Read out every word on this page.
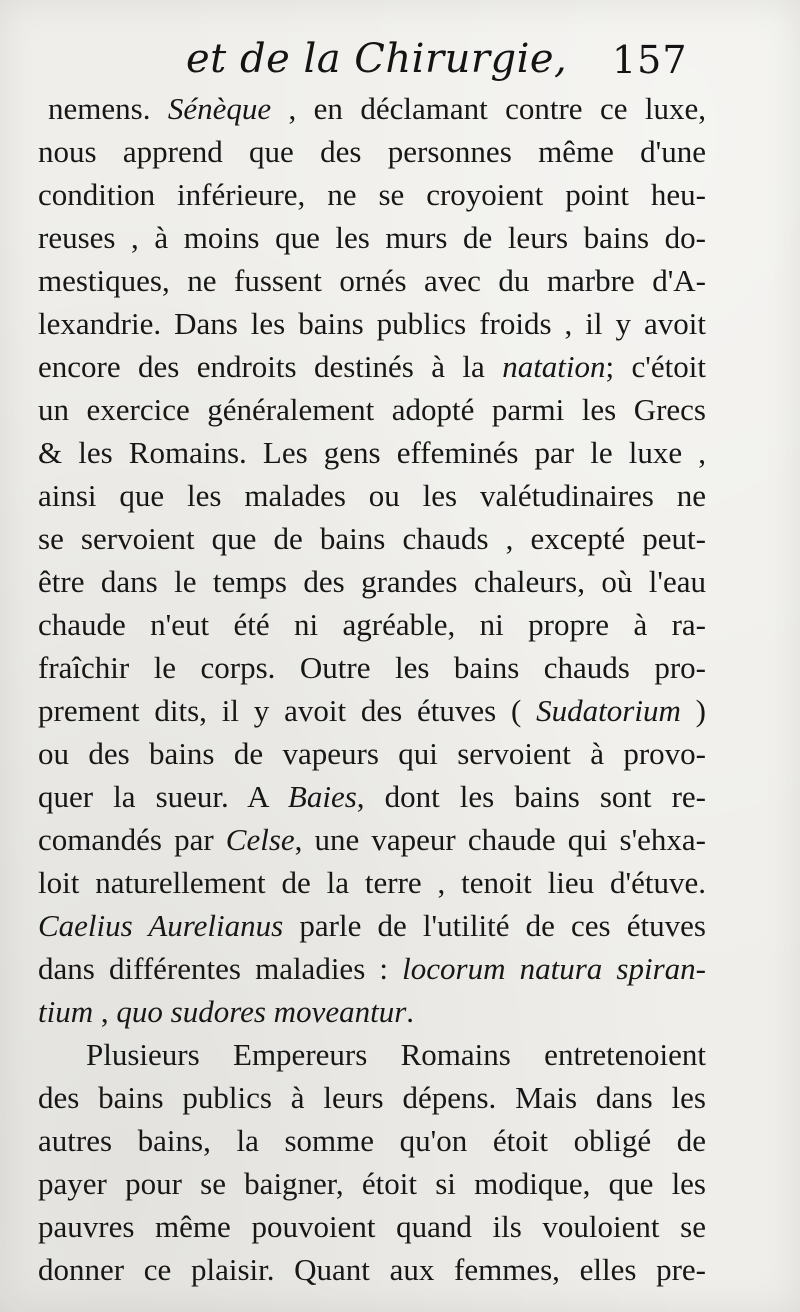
et de la Chirurgie, 157
nemens. Sénèque , en déclamant contre ce luxe,
nous apprend que des personnes même d'une
condition inférieure, ne se croyoient point heu-
reuses , à moins que les murs de leurs bains do-
mestiques, ne fussent ornés avec du marbre d'A-
lexandrie. Dans les bains publics froids , il y avoit
encore des endroits destinés à la natation; c'étoit
un exercice généralement adopté parmi les Grecs
& les Romains. Les gens effeminés par le luxe ,
ainsi que les malades ou les valétudinaires ne
se servoient que de bains chauds , excepté peut-
être dans le temps des grandes chaleurs, où l'eau
chaude n'eut été ni agréable, ni propre à ra-
fraîchir le corps. Outre les bains chauds pro-
prement dits, il y avoit des étuves ( Sudatorium )
ou des bains de vapeurs qui servoient à provo-
quer la sueur. A Baies, dont les bains sont re-
comandés par Celse, une vapeur chaude qui s'ehxa-
loit naturellement de la terre , tenoit lieu d'étuve.
Caelius Aurelianus parle de l'utilité de ces étuves
dans différentes maladies : locorum natura spiran-
tium , quo sudores moveantur.
Plusieurs Empereurs Romains entretenoient
des bains publics à leurs dépens. Mais dans les
autres bains, la somme qu'on étoit obligé de
payer pour se baigner, étoit si modique, que les
pauvres même pouvoient quand ils vouloient se
donner ce plaisir. Quant aux femmes, elles pre-
